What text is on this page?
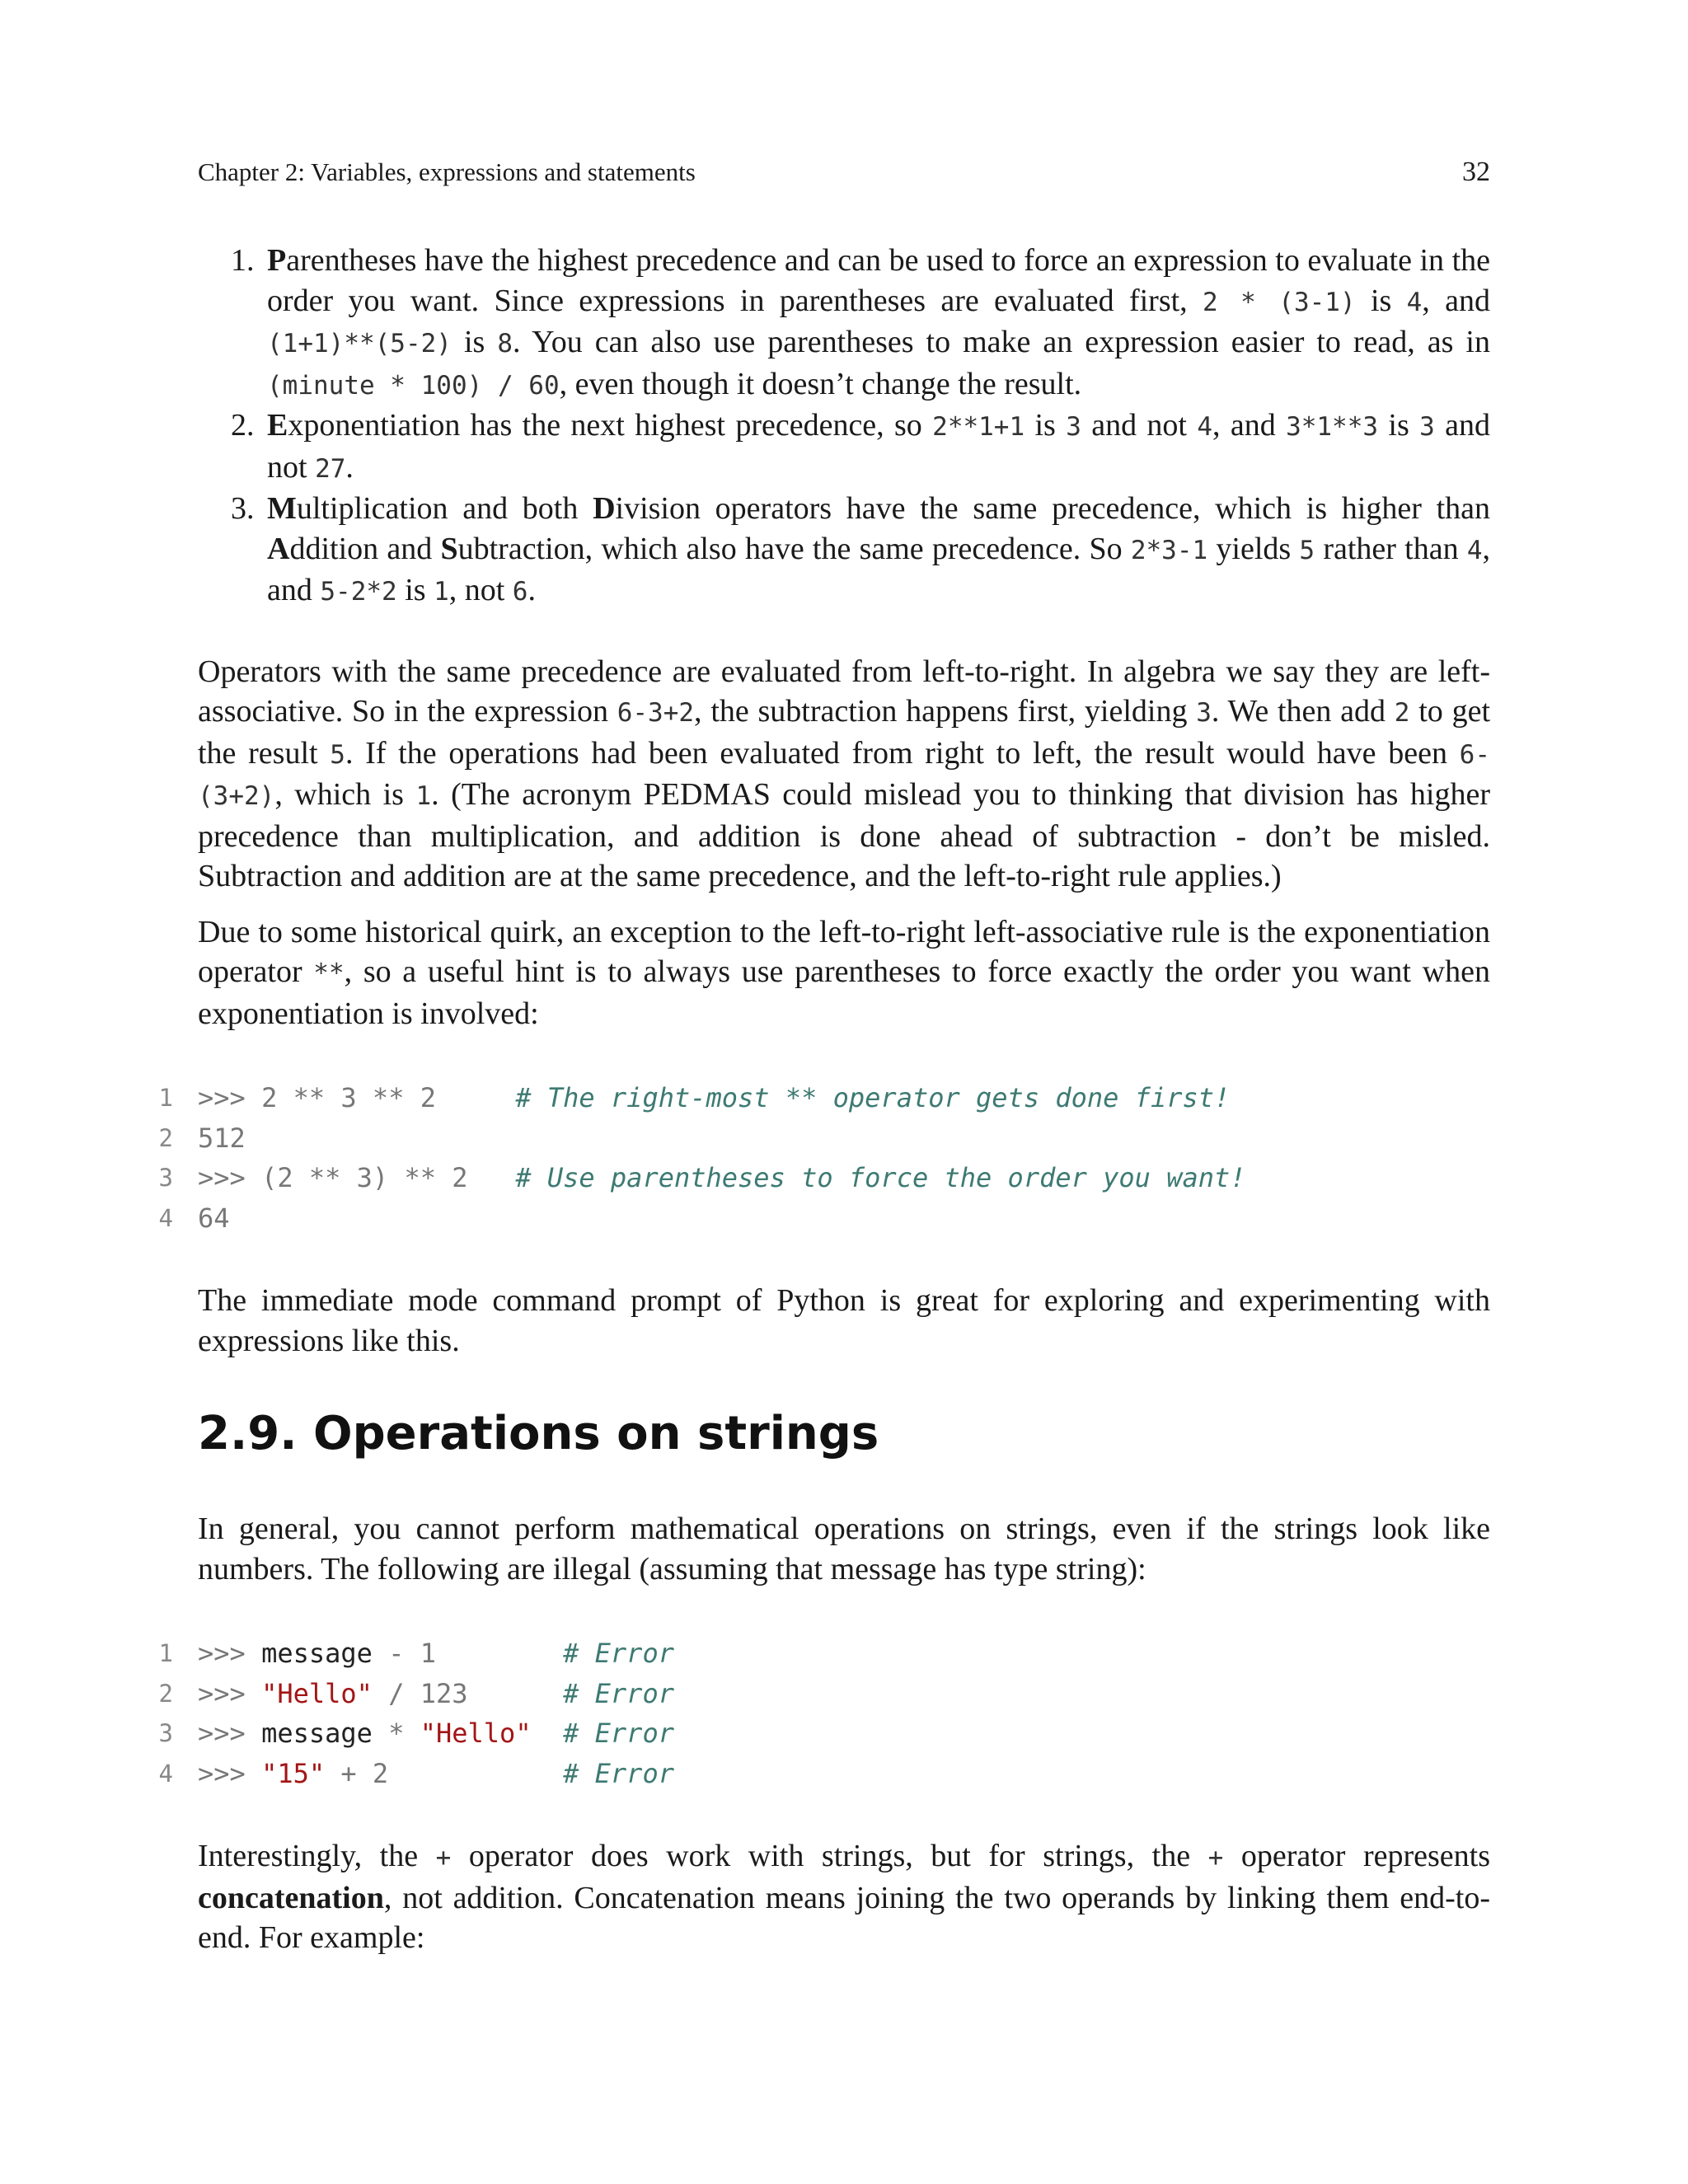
Chapter 2: Variables, expressions and statements	32
1. Parentheses have the highest precedence and can be used to force an expression to evaluate in the order you want. Since expressions in parentheses are evaluated first, 2 * (3-1) is 4, and (1+1)**(5-2) is 8. You can also use parentheses to make an expression easier to read, as in (minute * 100) / 60, even though it doesn’t change the result.
2. Exponentiation has the next highest precedence, so 2**1+1 is 3 and not 4, and 3*1**3 is 3 and not 27.
3. Multiplication and both Division operators have the same precedence, which is higher than Addition and Subtraction, which also have the same precedence. So 2*3-1 yields 5 rather than 4, and 5-2*2 is 1, not 6.

Operators with the same precedence are evaluated from left-to-right. In algebra we say they are left-associative. So in the expression 6-3+2, the subtraction happens first, yielding 3. We then add 2 to get the result 5. If the operations had been evaluated from right to left, the result would have been 6-(3+2), which is 1. (The acronym PEDMAS could mislead you to thinking that division has higher precedence than multiplication, and addition is done ahead of subtraction - don’t be misled. Subtraction and addition are at the same precedence, and the left-to-right rule applies.)

Due to some historical quirk, an exception to the left-to-right left-associative rule is the exponentiation operator **, so a useful hint is to always use parentheses to force exactly the order you want when exponentiation is involved:

1 >>> 2 ** 3 ** 2     # The right-most ** operator gets done first!
2 512
3 >>> (2 ** 3) ** 2   # Use parentheses to force the order you want!
4 64

The immediate mode command prompt of Python is great for exploring and experimenting with expressions like this.

2.9. Operations on strings

In general, you cannot perform mathematical operations on strings, even if the strings look like numbers. The following are illegal (assuming that message has type string):

1 >>> message - 1        # Error
2 >>> "Hello" / 123      # Error
3 >>> message * "Hello" # Error
4 >>> "15" + 2           # Error

Interestingly, the + operator does work with strings, but for strings, the + operator represents concatenation, not addition. Concatenation means joining the two operands by linking them end-to-end. For example:
